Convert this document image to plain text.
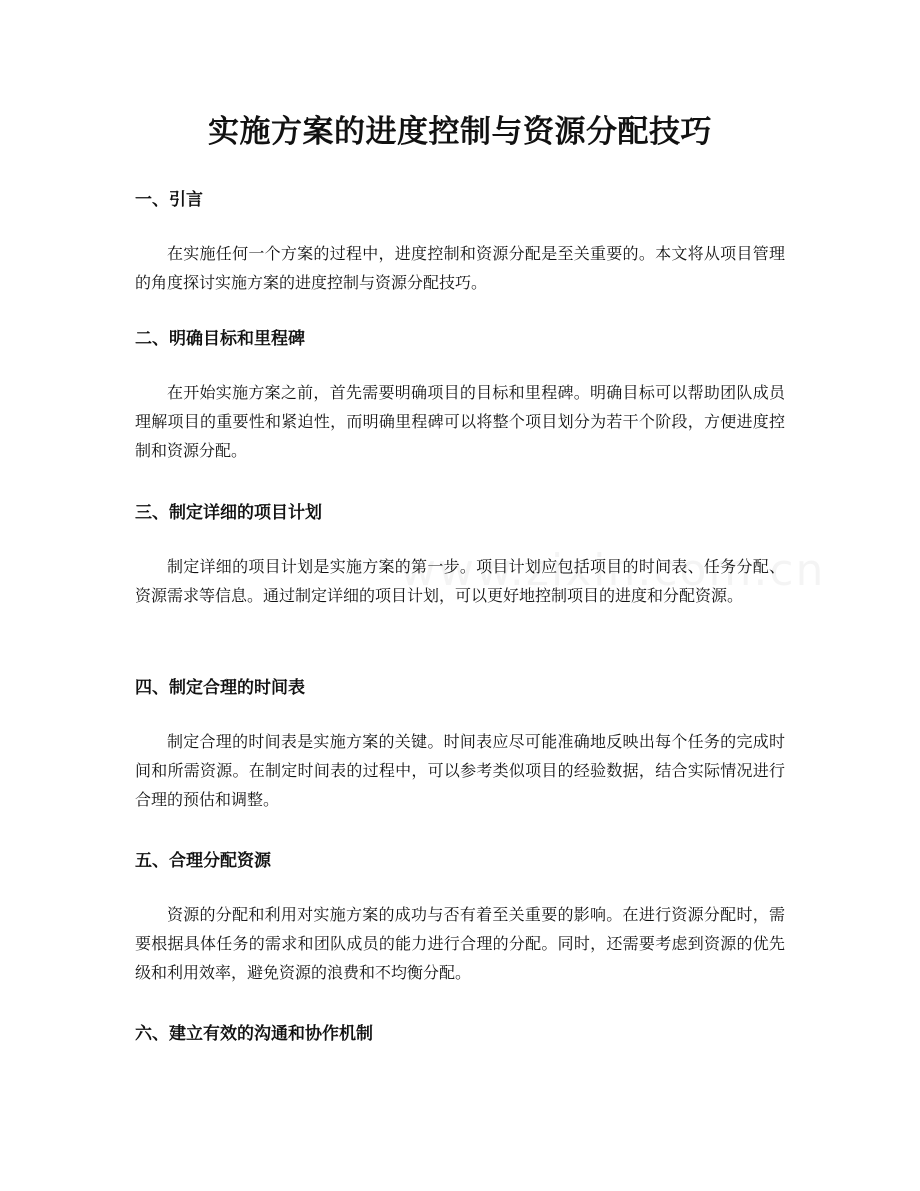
实施方案的进度控制与资源分配技巧
一、引言

在实施任何一个方案的过程中，进度控制和资源分配是至关重要的。本文将从项目管理的角度探讨实施方案的进度控制与资源分配技巧。

二、明确目标和里程碑

在开始实施方案之前，首先需要明确项目的目标和里程碑。明确目标可以帮助团队成员理解项目的重要性和紧迫性，而明确里程碑可以将整个项目划分为若干个阶段，方便进度控制和资源分配。

三、制定详细的项目计划

制定详细的项目计划是实施方案的第一步。项目计划应包括项目的时间表、任务分配、资源需求等信息。通过制定详细的项目计划，可以更好地控制项目的进度和分配资源。

四、制定合理的时间表

制定合理的时间表是实施方案的关键。时间表应尽可能准确地反映出每个任务的完成时间和所需资源。在制定时间表的过程中，可以参考类似项目的经验数据，结合实际情况进行合理的预估和调整。

五、合理分配资源

资源的分配和利用对实施方案的成功与否有着至关重要的影响。在进行资源分配时，需要根据具体任务的需求和团队成员的能力进行合理的分配。同时，还需要考虑到资源的优先级和利用效率，避免资源的浪费和不均衡分配。

六、建立有效的沟通和协作机制
